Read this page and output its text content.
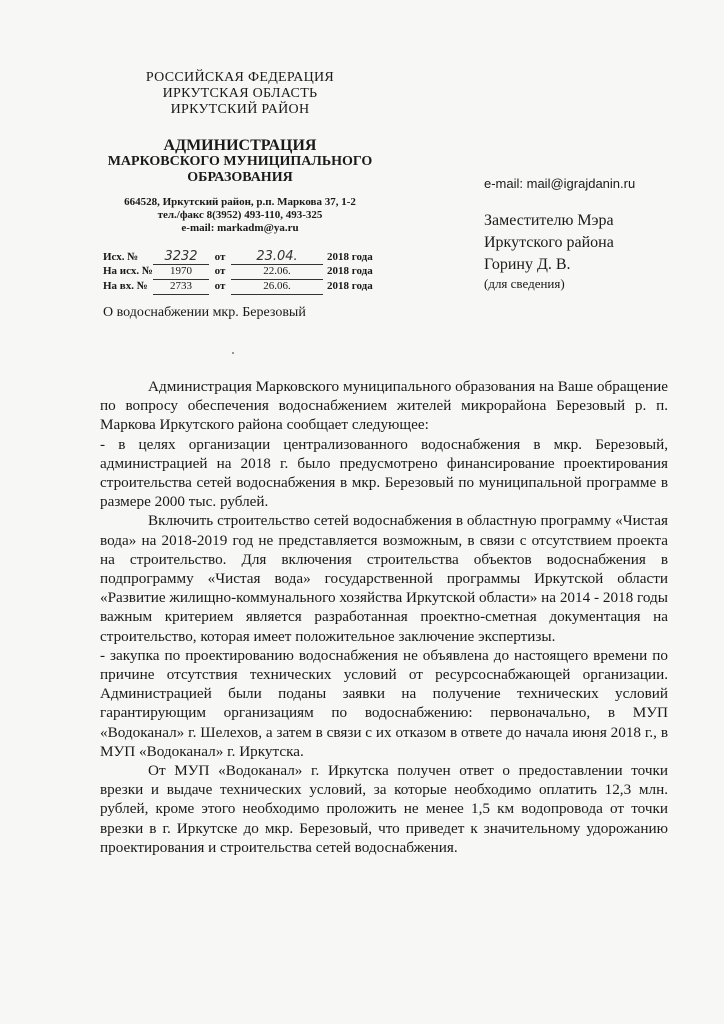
РОССИЙСКАЯ ФЕДЕРАЦИЯ
ИРКУТСКАЯ ОБЛАСТЬ
ИРКУТСКИЙ РАЙОН
АДМИНИСТРАЦИЯ
МАРКОВСКОГО МУНИЦИПАЛЬНОГО
ОБРАЗОВАНИЯ
664528, Иркутский район, р.п. Маркова 37, 1-2
тел./факс 8(3952) 493-110, 493-325
e-mail: markadm@ya.ru
Исх. № 3232 от 23.04.	2018 года
На исх. № 1970 от	22.06.	2018 года
На вх. № 2733 от	26.06.	2018 года
О водоснабжении мкр. Березовый
e-mail: mail@igrajdanin.ru
Заместителю Мэра
Иркутского района
Горину Д. В.
(для сведения)

Администрация Марковского муниципального образования на Ваше обращение по вопросу обеспечения водоснабжением жителей микрорайона Березовый р. п. Маркова Иркутского района сообщает следующее:

- в целях организации централизованного водоснабжения в мкр. Березовый, администрацией на 2018 г. было предусмотрено финансирование проектирования строительства сетей водоснабжения в мкр. Березовый по муниципальной программе в размере 2000 тыс. рублей.

Включить строительство сетей водоснабжения в областную программу «Чистая вода» на 2018-2019 год не представляется возможным, в связи с отсутствием проекта на строительство. Для включения строительства объектов водоснабжения в подпрограмму «Чистая вода» государственной программы Иркутской области «Развитие жилищно-коммунального хозяйства Иркутской области» на 2014 - 2018 годы важным критерием является разработанная проектно-сметная документация на строительство, которая имеет положительное заключение экспертизы.

- закупка по проектированию водоснабжения не объявлена до настоящего времени по причине отсутствия технических условий от ресурсоснабжающей организации. Администрацией были поданы заявки на получение технических условий гарантирующим организациям по водоснабжению: первоначально, в МУП «Водоканал» г. Шелехов, а затем в связи с их отказом в ответе до начала июня 2018 г., в МУП «Водоканал» г. Иркутска.

От МУП «Водоканал» г. Иркутска получен ответ о предоставлении точки врезки и выдаче технических условий, за которые необходимо оплатить 12,3 млн. рублей, кроме этого необходимо проложить не менее 1,5 км водопровода от точки врезки в г. Иркутске до мкр. Березовый, что приведет к значительному удорожанию проектирования и строительства сетей водоснабжения.
